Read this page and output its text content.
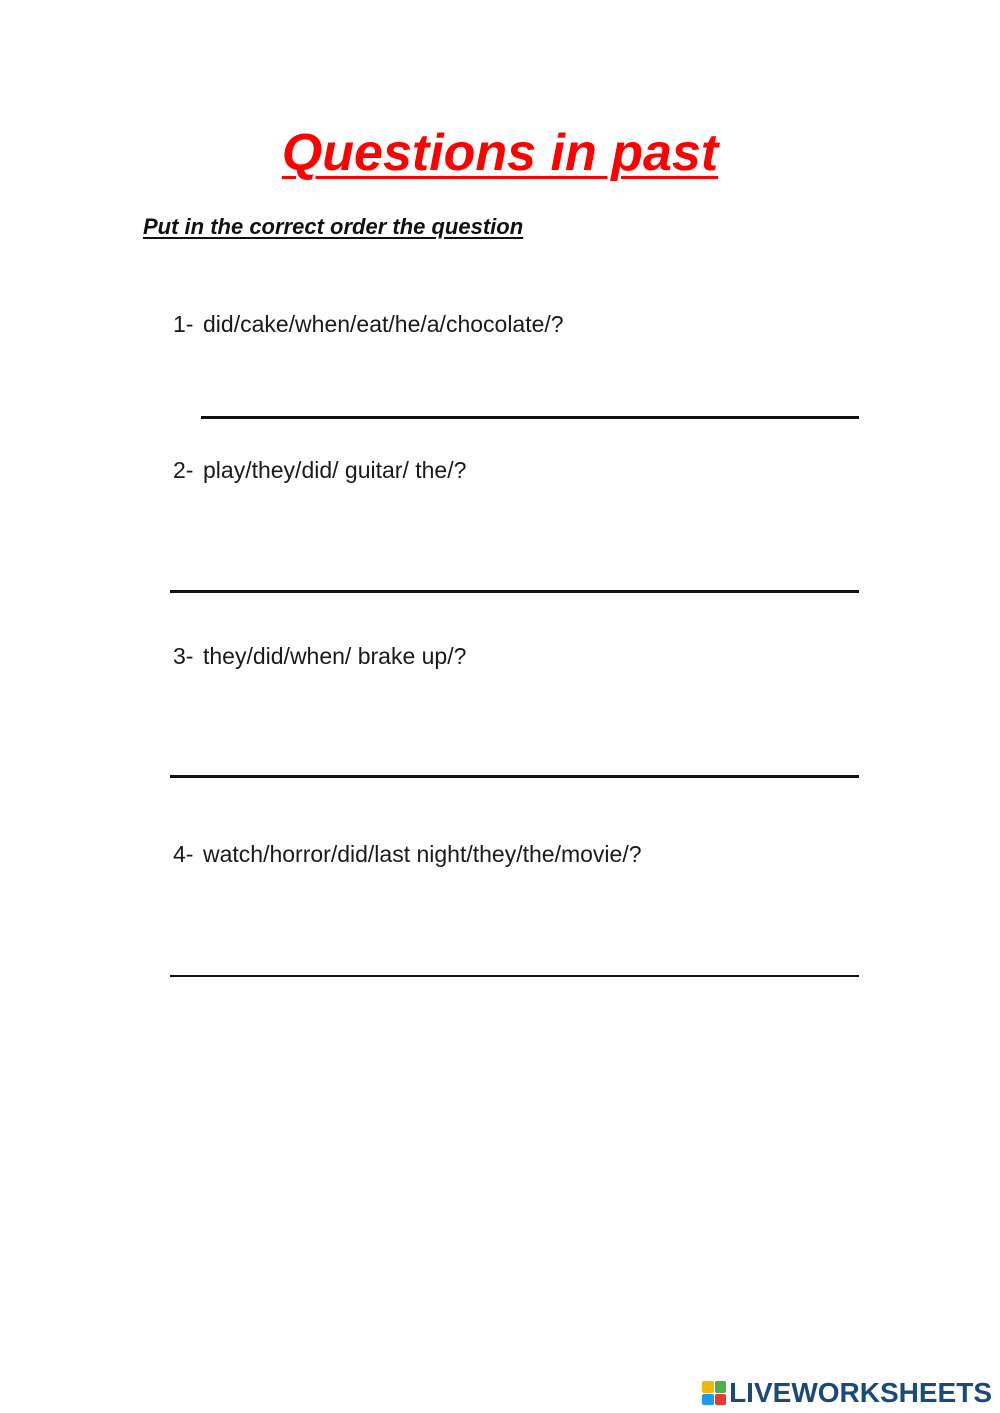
Questions in past

Put in the correct order the question

1- did/cake/when/eat/he/a/chocolate/?

2- play/they/did/ guitar/ the/?

3- they/did/when/ brake up/?

4- watch/horror/did/last night/they/the/movie/?

LIVEWORKSHEETS
